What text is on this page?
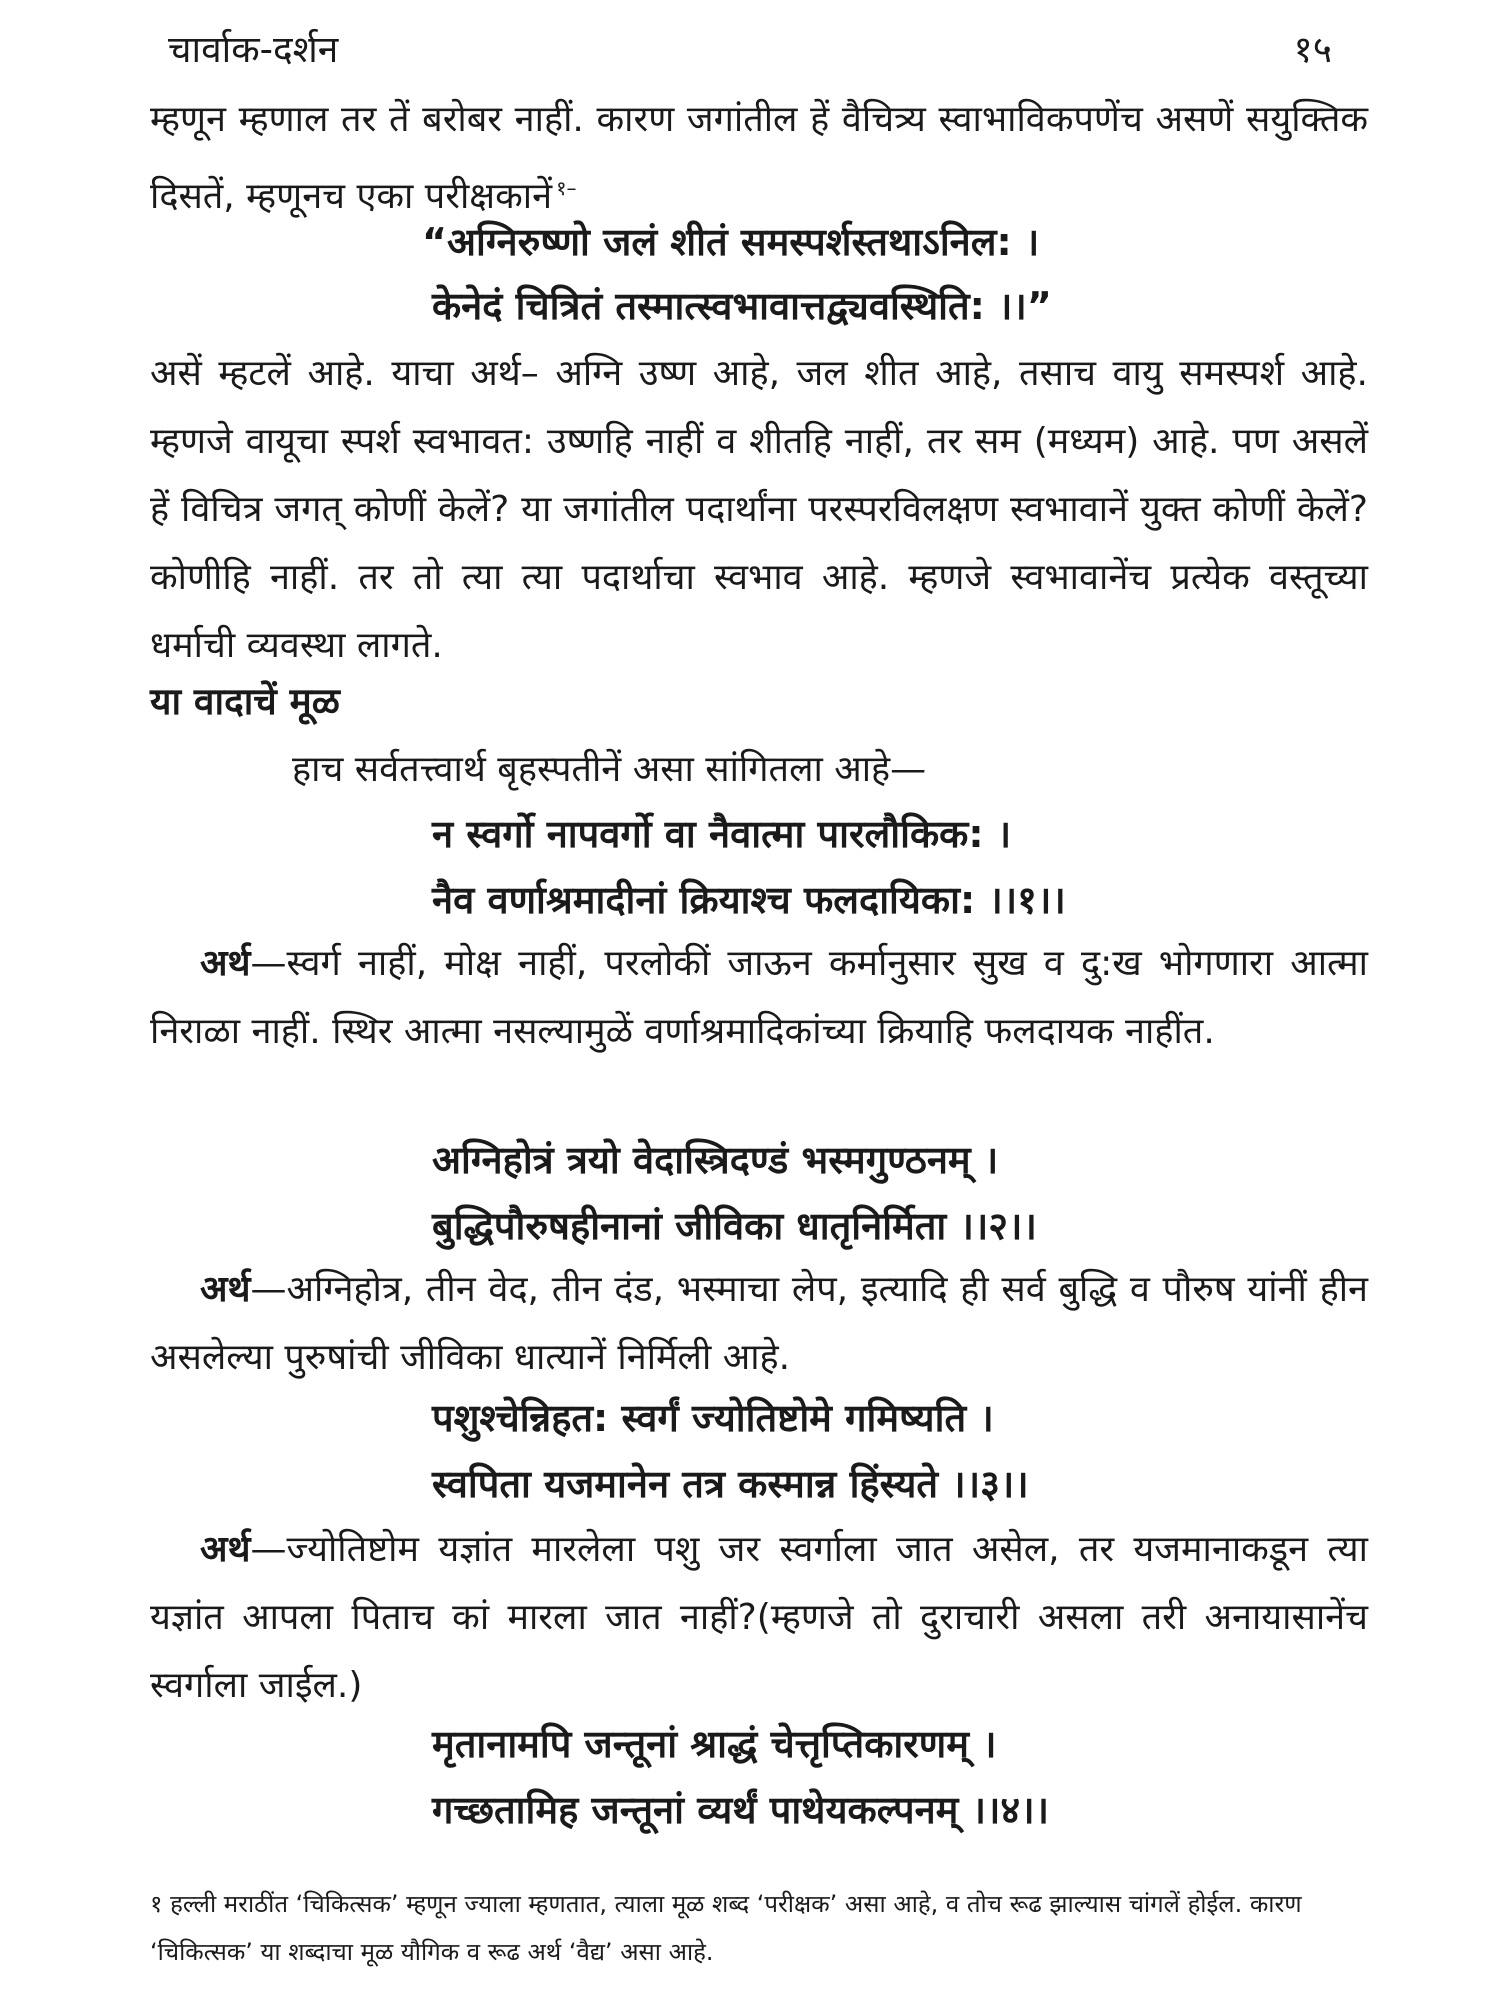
चार्वाक-दर्शन	१५

म्हणून म्हणाल तर तें बरोबर नाहीं. कारण जगांतील हें वैचित्र्य स्वाभाविकपणेंच असणें सयुक्तिक दिसतें, म्हणूनच एका परीक्षकानें $^{१-}$

“अग्निरुष्णो जलं शीतं समस्पर्शस्तथाऽनिल: ।
केनेदं चित्रितं तस्मात्स्वभावात्तद्व्यवस्थिति: ।।”

असें म्हटलें आहे. याचा अर्थ– अग्नि उष्ण आहे, जल शीत आहे, तसाच वायु समस्पर्श आहे. म्हणजे वायूचा स्पर्श स्वभावत: उष्णहि नाहीं व शीतहि नाहीं, तर सम (मध्यम) आहे. पण असलें हें विचित्र जगत् कोणीं केलें? या जगांतील पदार्थांना परस्परविलक्षण स्वभावानें युक्त कोणीं केलें? कोणीहि नाहीं. तर तो त्या त्या पदार्थाचा स्वभाव आहे. म्हणजे स्वभावानेंच प्रत्येक वस्तूच्या धर्माची व्यवस्था लागते.

या वादाचें मूळ
हाच सर्वतत्त्वार्थ बृहस्पतीनें असा सांगितला आहे—
न स्वर्गो नापवर्गो वा नैवात्मा पारलौकिक: ।
नैव वर्णाश्रमादीनां क्रियाश्च फलदायिका: ।।१।।

अर्थ—स्वर्ग नाहीं, मोक्ष नाहीं, परलोकीं जाऊन कर्मानुसार सुख व दु:ख भोगणारा आत्मा निराळा नाहीं. स्थिर आत्मा नसल्यामुळें वर्णाश्रमादिकांच्या क्रियाहि फलदायक नाहींत.

अग्निहोत्रं त्रयो वेदास्त्रिदण्डं भस्मगुण्ठनम् ।
बुद्धिपौरुषहीनानां जीविका धातृनिर्मिता ।।२।।

अर्थ—अग्निहोत्र, तीन वेद, तीन दंड, भस्माचा लेप, इत्यादि ही सर्व बुद्धि व पौरुष यांनीं हीन असलेल्या पुरुषांची जीविका धात्यानें निर्मिली आहे.

पशुश्चेन्निहत: स्वर्गं ज्योतिष्टोमे गमिष्यति ।
स्वपिता यजमानेन तत्र कस्मान्न हिंस्यते ।।३।।

अर्थ—ज्योतिष्टोम यज्ञांत मारलेला पशु जर स्वर्गाला जात असेल, तर यजमानाकडून त्या यज्ञांत आपला पिताच कां मारला जात नाहीं?(म्हणजे तो दुराचारी असला तरी अनायासानेंच स्वर्गाला जाईल.)

मृतानामपि जन्तूनां श्राद्धं चेत्तृप्तिकारणम् ।
गच्छतामिह जन्तूनां व्यर्थं पाथेयकल्पनम् ।।४।।

१ हल्ली मराठींत ‘चिकित्सक’ म्हणून ज्याला म्हणतात, त्याला मूळ शब्द ‘परीक्षक’ असा आहे, व तोच रूढ झाल्यास चांगलें होईल. कारण ‘चिकित्सक’ या शब्दाचा मूळ यौगिक व रूढ अर्थ ‘वैद्य’ असा आहे.
